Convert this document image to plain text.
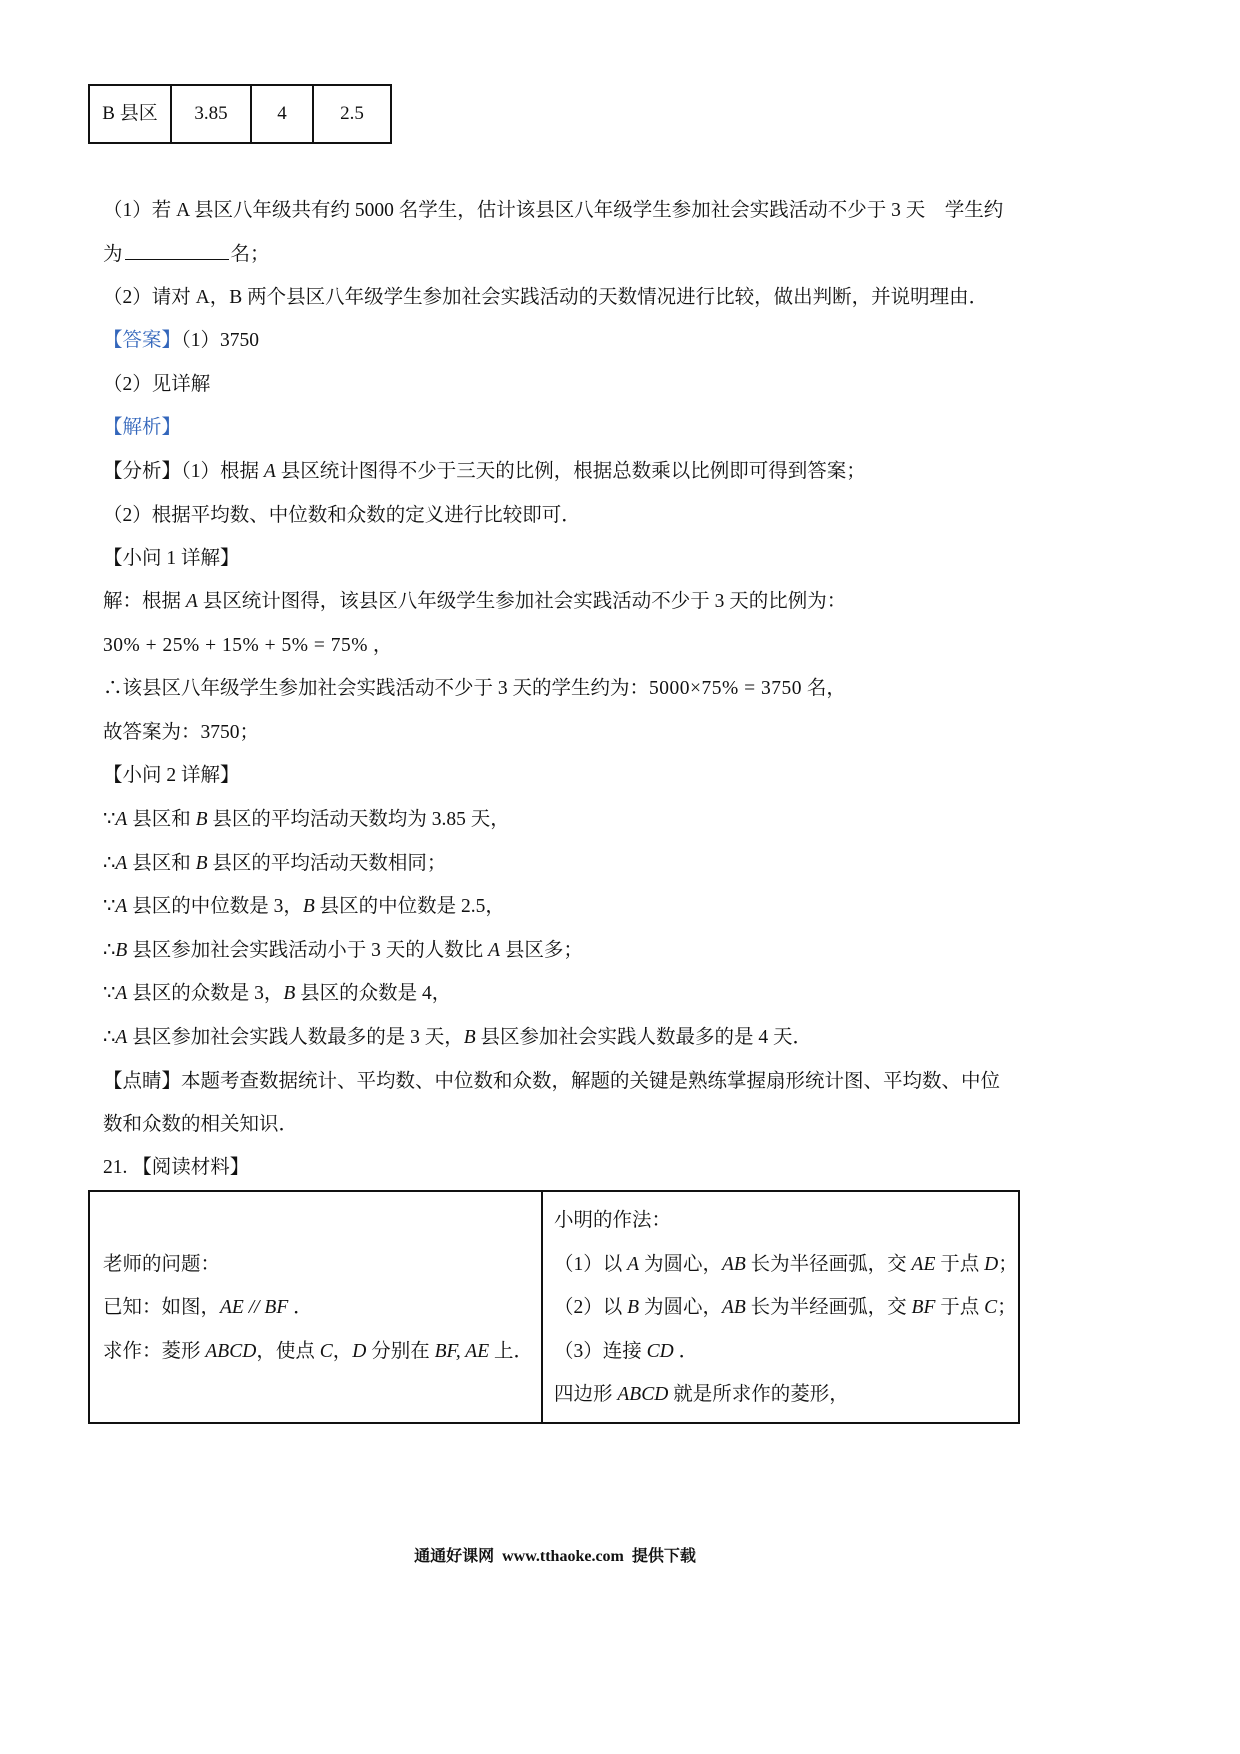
B 县区	3.85	4	2.5
（1）若 A 县区八年级共有约 5000 名学生，估计该县区八年级学生参加社会实践活动不少于 3 天　学生约
为	名；
（2）请对 A，B 两个县区八年级学生参加社会实践活动的天数情况进行比较，做出判断，并说明理由．
【答案】（1）3750
（2）见详解
【解析】
【分析】（1）根据 A 县区统计图得不少于三天的比例，根据总数乘以比例即可得到答案；
（2）根据平均数、中位数和众数的定义进行比较即可．
【小问 1 详解】
解：根据 A 县区统计图得，该县区八年级学生参加社会实践活动不少于 3 天的比例为：
30% + 25% + 15% + 5% = 75% ，
∴该县区八年级学生参加社会实践活动不少于 3 天的学生约为：5000×75% = 3750 名，
故答案为：3750；
【小问 2 详解】
∵A 县区和 B 县区的平均活动天数均为 3.85 天，
∴A 县区和 B 县区的平均活动天数相同；
∵A 县区的中位数是 3，B 县区的中位数是 2.5，
∴B 县区参加社会实践活动小于 3 天的人数比 A 县区多；
∵A 县区的众数是 3，B 县区的众数是 4，
∴A 县区参加社会实践人数最多的是 3 天，B 县区参加社会实践人数最多的是 4 天．
【点睛】本题考查数据统计、平均数、中位数和众数，解题的关键是熟练掌握扇形统计图、平均数、中位
数和众数的相关知识．
21. 【阅读材料】
老师的问题：
已知：如图，AE // BF ．
求作：菱形 ABCD，使点 C，D 分别在 BF, AE 上．
小明的作法：
（1）以 A 为圆心，AB 长为半径画弧，交 AE 于点 D；
（2）以 B 为圆心，AB 长为半经画弧，交 BF 于点 C；
（3）连接 CD ．
四边形 ABCD 就是所求作的菱形，
通通好课网  www.tthaoke.com  提供下载
